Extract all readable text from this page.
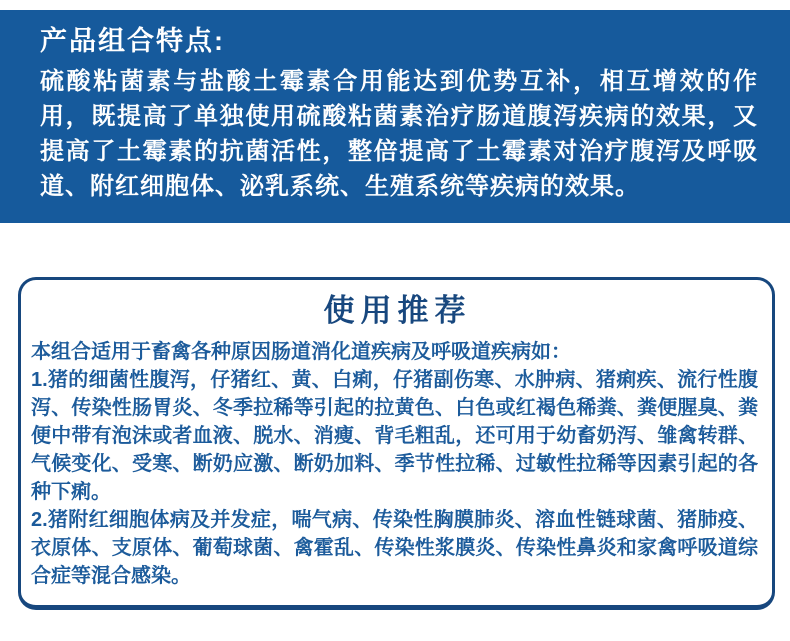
产品组合特点:
硫酸粘菌素与盐酸土霉素合用能达到优势互补，相互增效的作用，既提高了单独使用硫酸粘菌素治疗肠道腹泻疾病的效果，又提高了土霉素的抗菌活性，整倍提高了土霉素对治疗腹泻及呼吸道、附红细胞体、泌乳系统、生殖系统等疾病的效果。
使用推荐
本组合适用于畜禽各种原因肠道消化道疾病及呼吸道疾病如：
1.猪的细菌性腹泻，仔猪红、黄、白痢，仔猪副伤寒、水肿病、猪痢疾、流行性腹泻、传染性肠胃炎、冬季拉稀等引起的拉黄色、白色或红褐色稀粪、粪便腥臭、粪便中带有泡沫或者血液、脱水、消瘦、背毛粗乱，还可用于幼畜奶泻、雏禽转群、气候变化、受寒、断奶应激、断奶加料、季节性拉稀、过敏性拉稀等因素引起的各种下痢。
2.猪附红细胞体病及并发症，喘气病、传染性胸膜肺炎、溶血性链球菌、猪肺疫、衣原体、支原体、葡萄球菌、禽霍乱、传染性浆膜炎、传染性鼻炎和家禽呼吸道综合症等混合感染。
